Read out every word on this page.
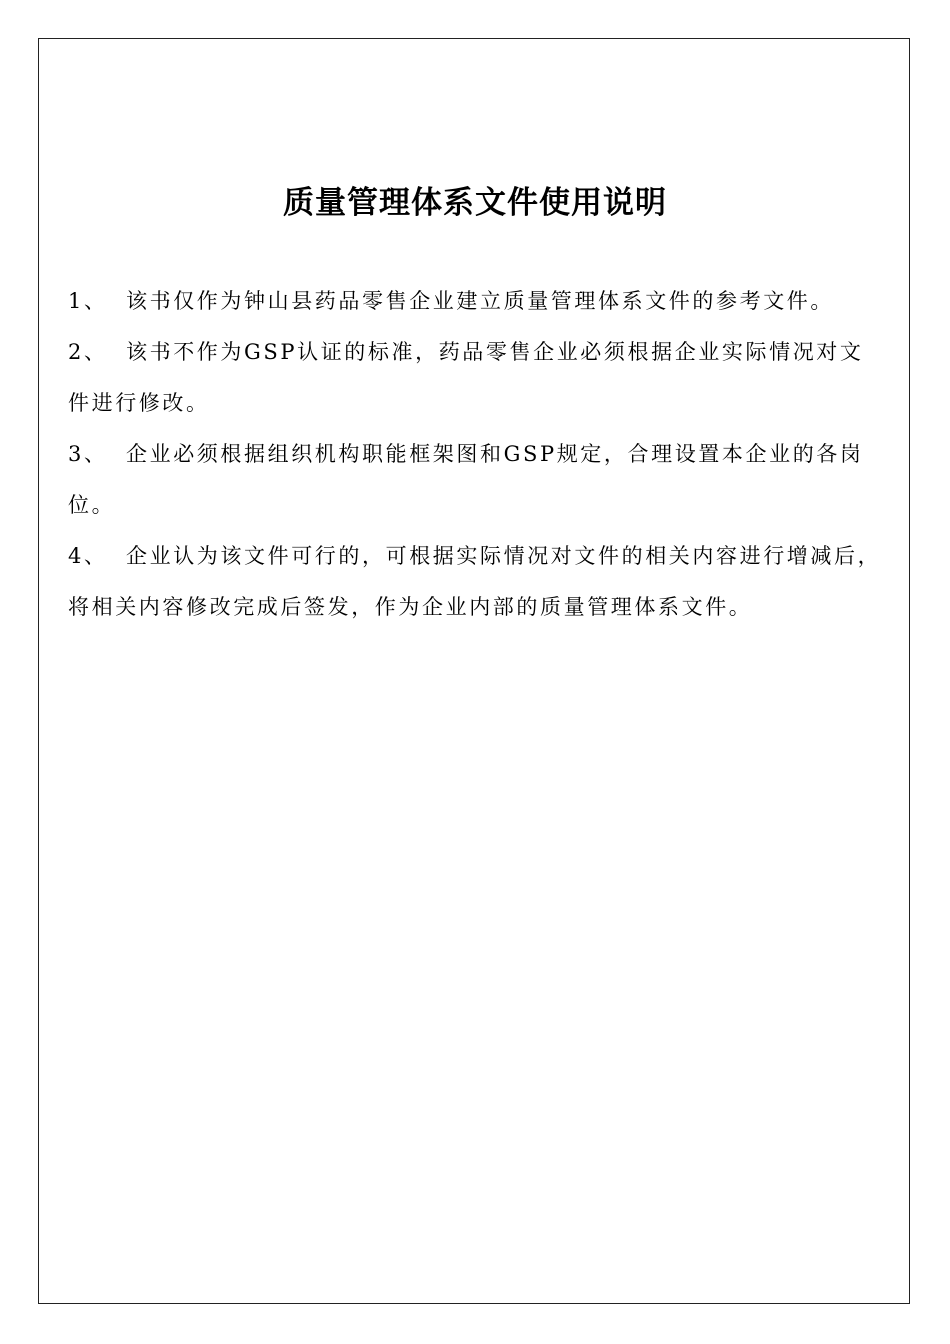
质量管理体系文件使用说明

1、 该书仅作为钟山县药品零售企业建立质量管理体系文件的参考文件。

2、 该书不作为GSP认证的标准，药品零售企业必须根据企业实际情况对文件进行修改。

3、 企业必须根据组织机构职能框架图和GSP规定，合理设置本企业的各岗位。

4、 企业认为该文件可行的，可根据实际情况对文件的相关内容进行增减后，将相关内容修改完成后签发，作为企业内部的质量管理体系文件。
